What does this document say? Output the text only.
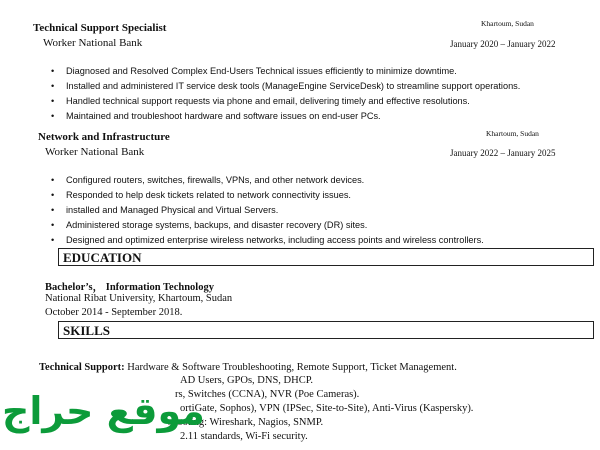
Technical Support Specialist	Khartoum, Sudan
Worker National Bank	January 2020 – January 2022
• Diagnosed and Resolved Complex End-Users Technical issues efficiently to minimize downtime.
• Installed and administered IT service desk tools (ManageEngine ServiceDesk) to streamline support operations.
• Handled technical support requests via phone and email, delivering timely and effective resolutions.
• Maintained and troubleshoot hardware and software issues on end-user PCs.
Network and Infrastructure	Khartoum, Sudan
Worker National Bank	January 2022 – January 2025
• Configured routers, switches, firewalls, VPNs, and other network devices.
• Responded to help desk tickets related to network connectivity issues.
• installed and Managed Physical and Virtual Servers.
• Administered storage systems, backups, and disaster recovery (DR) sites.
• Designed and optimized enterprise wireless networks, including access points and wireless controllers.
EDUCATION
Bachelor’s， Information Technology
National Ribat University, Khartoum, Sudan
October 2014 - September 2018.
SKILLS
Technical Support: Hardware & Software Troubleshooting, Remote Support, Ticket Management.
AD Users, GPOs, DNS, DHCP.
rs, Switches (CCNA), NVR (Poe Cameras).
ortiGate, Sophos), VPN (IPSec, Site-to-Site), Anti-Virus (Kaspersky).
shooting: Wireshark, Nagios, SNMP.
2.11 standards, Wi-Fi security.
موقع حراج
